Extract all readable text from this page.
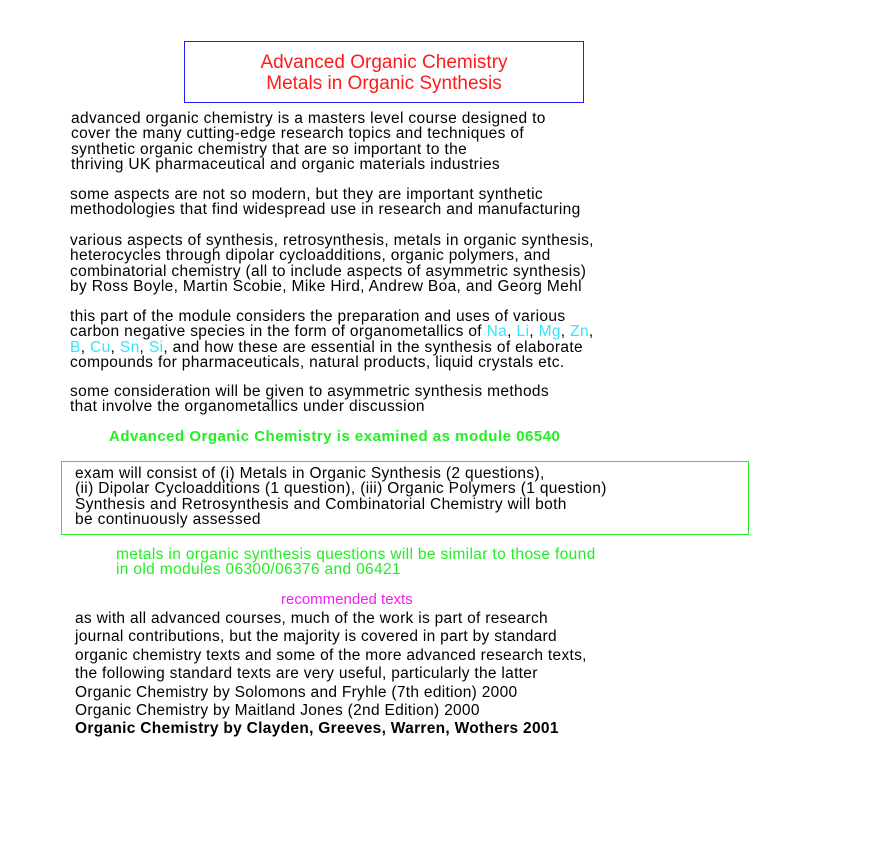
Advanced Organic Chemistry
Metals in Organic Synthesis
advanced organic chemistry is a masters level course designed to
cover the many cutting-edge research topics and techniques of
synthetic organic chemistry that are so important to the
thriving UK pharmaceutical and organic materials industries
some aspects are not so modern, but they are important synthetic
methodologies that find widespread use in research and manufacturing
various aspects of synthesis, retrosynthesis, metals in organic synthesis,
heterocycles through dipolar cycloadditions, organic polymers, and
combinatorial chemistry (all to include aspects of asymmetric synthesis)
by Ross Boyle, Martin Scobie, Mike Hird, Andrew Boa, and Georg Mehl
this part of the module considers the preparation and uses of various
carbon negative species in the form of organometallics of Na, Li, Mg, Zn,
B, Cu, Sn, Si, and how these are essential in the synthesis of elaborate
compounds for pharmaceuticals, natural products, liquid crystals etc.
some consideration will be given to asymmetric synthesis methods
that involve the organometallics under discussion
Advanced Organic Chemistry is examined as module 06540
exam will consist of (i) Metals in Organic Synthesis (2 questions),
(ii) Dipolar Cycloadditions (1 question), (iii) Organic Polymers (1 question)
Synthesis and Retrosynthesis and Combinatorial Chemistry will both
be continuously assessed
metals in organic synthesis questions will be similar to those found
in old modules 06300/06376 and 06421
recommended texts
as with all advanced courses, much of the work is part of research
journal contributions, but the majority is covered in part by standard
organic chemistry texts and some of the more advanced research texts,
the following standard texts are very useful, particularly the latter
Organic Chemistry by Solomons and Fryhle (7th edition) 2000
Organic Chemistry by Maitland Jones (2nd Edition) 2000
Organic Chemistry by Clayden, Greeves, Warren, Wothers 2001
